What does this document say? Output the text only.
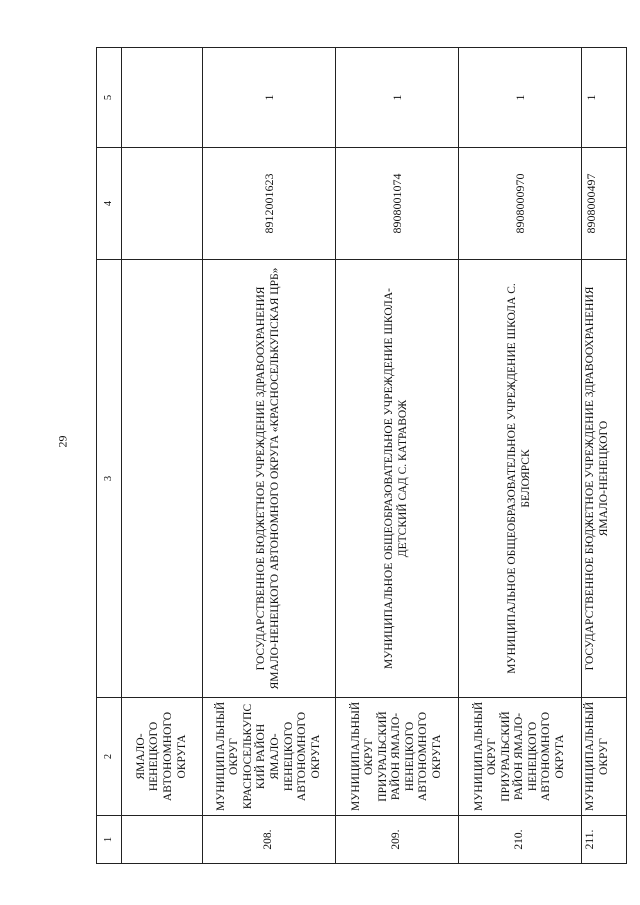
29
1	2	3	4	5
	ЯМАЛО-НЕНЕЦКОГО АВТОНОМНОГО ОКРУГА			
208.	МУНИЦИПАЛЬНЫЙ ОКРУГ КРАСНОСЕЛЬКУПС КИЙ РАЙОН ЯМАЛО-НЕНЕЦКОГО АВТОНОМНОГО ОКРУГА	ГОСУДАРСТВЕННОЕ БЮДЖЕТНОЕ УЧРЕЖДЕНИЕ ЗДРАВООХРАНЕНИЯ ЯМАЛО-НЕНЕЦКОГО АВТОНОМНОГО ОКРУГА «КРАСНОСЕЛЬКУПСКАЯ ЦРБ»	8912001623	1
209.	МУНИЦИПАЛЬНЫЙ ОКРУГ ПРИУРАЛЬСКИЙ РАЙОН ЯМАЛО-НЕНЕЦКОГО АВТОНОМНОГО ОКРУГА	МУНИЦИПАЛЬНОЕ ОБЩЕОБРАЗОВАТЕЛЬНОЕ УЧРЕЖДЕНИЕ ШКОЛА-ДЕТСКИЙ САД С. КАТРАВОЖ	8908001074	1
210.	МУНИЦИПАЛЬНЫЙ ОКРУГ ПРИУРАЛЬСКИЙ РАЙОН ЯМАЛО-НЕНЕЦКОГО АВТОНОМНОГО ОКРУГА	МУНИЦИПАЛЬНОЕ ОБЩЕОБРАЗОВАТЕЛЬНОЕ УЧРЕЖДЕНИЕ ШКОЛА С. БЕЛОЯРСК	8908000970	1
211.	МУНИЦИПАЛЬНЫЙ ОКРУГ	ГОСУДАРСТВЕННОЕ БЮДЖЕТНОЕ УЧРЕЖДЕНИЕ ЗДРАВООХРАНЕНИЯ ЯМАЛО-НЕНЕЦКОГО	8908000497	1
